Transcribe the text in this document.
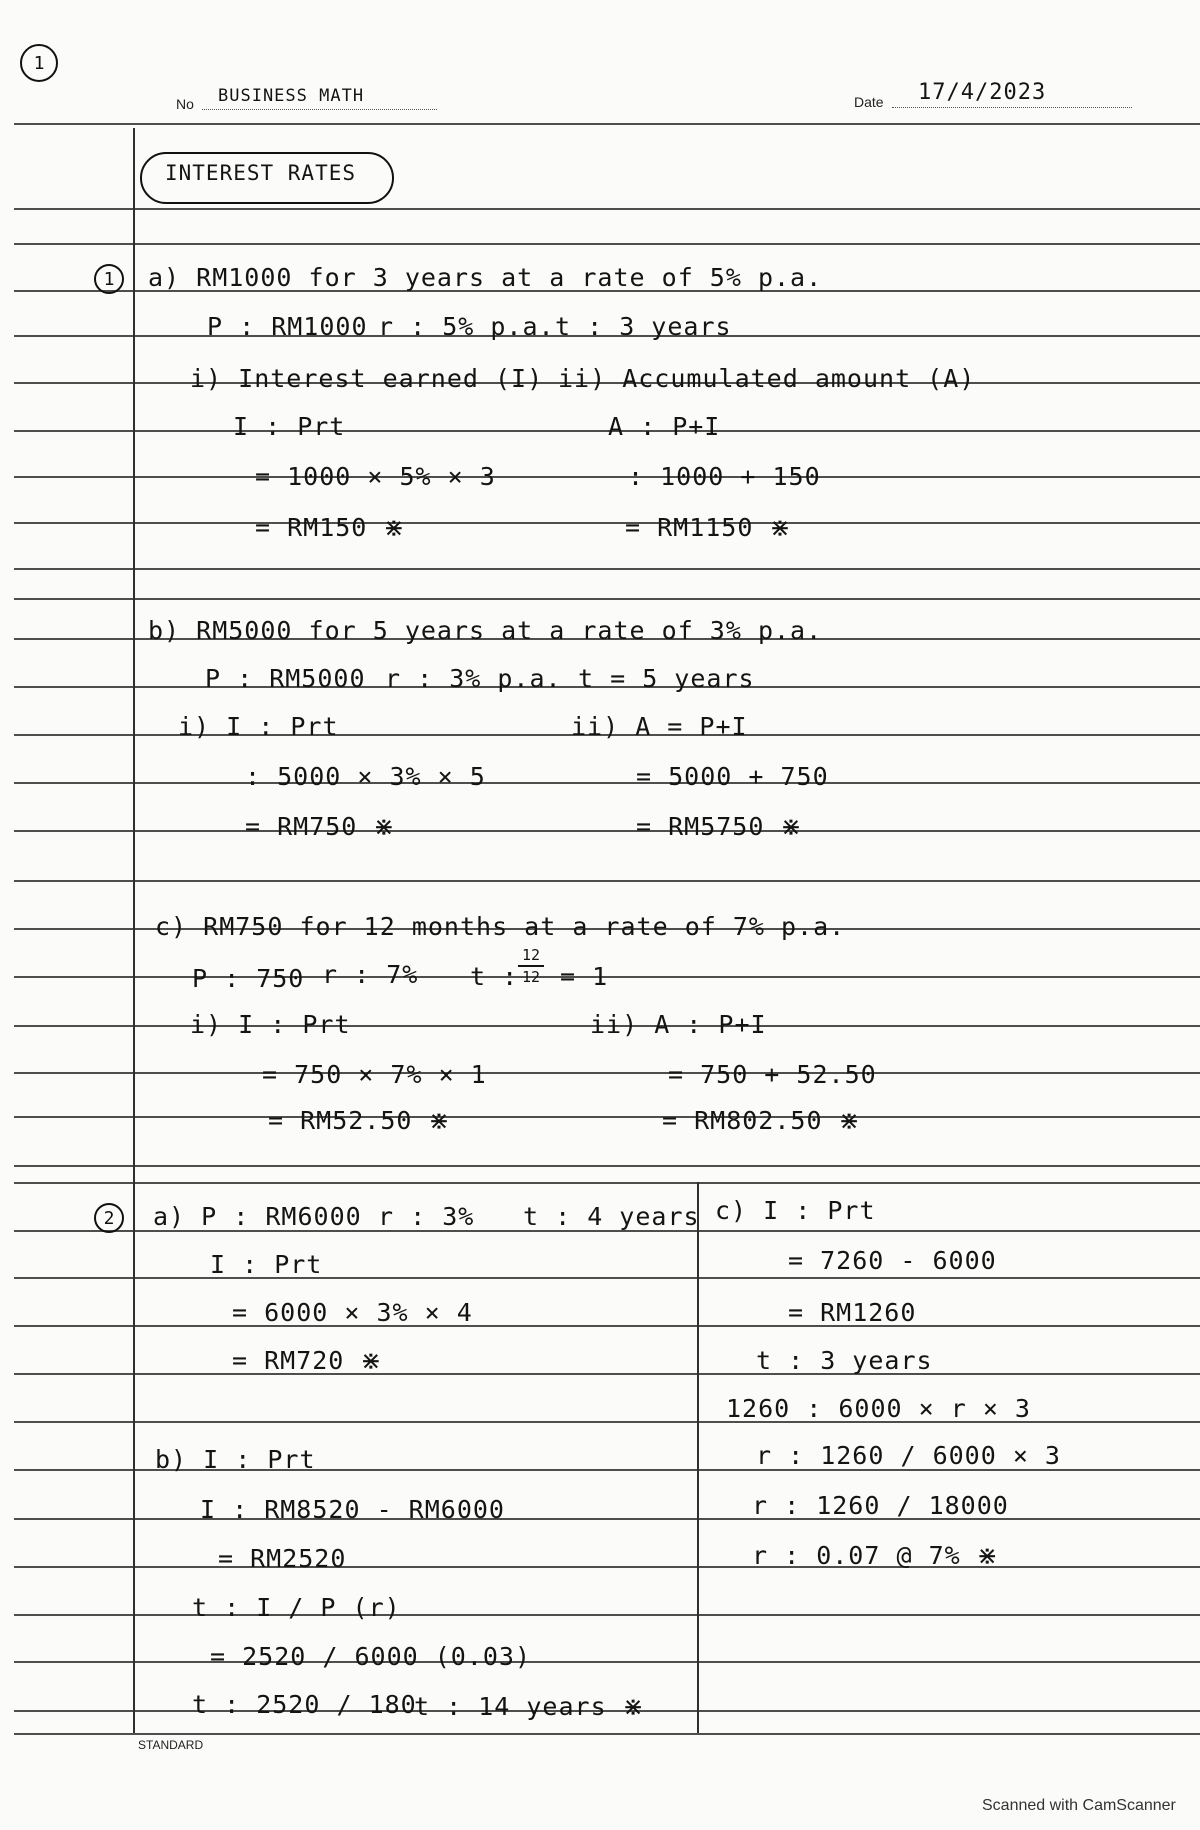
1
No BUSINESS MATH	Date 17/4/2023
INTEREST RATES
1 a) RM1000 for 3 years at a rate of 5% p.a.
P : RM1000 r : 5% p.a. t : 3 years
i) Interest earned (I) ii) Accumulated amount (A)
I : Prt	A : P+I
= 1000 × 5% × 3	: 1000 + 150
= RM150 ⋇	= RM1150 ⋇
b) RM5000 for 5 years at a rate of 3% p.a.
P : RM5000 r : 3% p.a. t = 5 years
i) I : Prt	ii) A = P+I
: 5000 × 3% × 5	= 5000 + 750
= RM750 ⋇	= RM5750 ⋇
c) RM750 for 12 months at a rate of 7% p.a.
P : 750 r : 7% t :
12
12 = 1
i) I : Prt	ii) A : P+I
= 750 × 7% × 1	= 750 + 52.50
= RM52.50 ⋇	= RM802.50 ⋇
2 a) P : RM6000 r : 3% t : 4 years
I : Prt
= 6000 × 3% × 4
= RM720 ⋇
b) I : Prt
I : RM8520 - RM6000
= RM2520
t : I / P (r)
= 2520 / 6000 (0.03)
t : 2520 / 180
t : 14 years ⋇
c) I : Prt
= 7260 - 6000
= RM1260
t : 3 years
1260 : 6000 × r × 3
r : 1260 / 6000 × 3
r : 1260 / 18000
r : 0.07 @ 7% ⋇
STANDARD
Scanned with CamScanner
